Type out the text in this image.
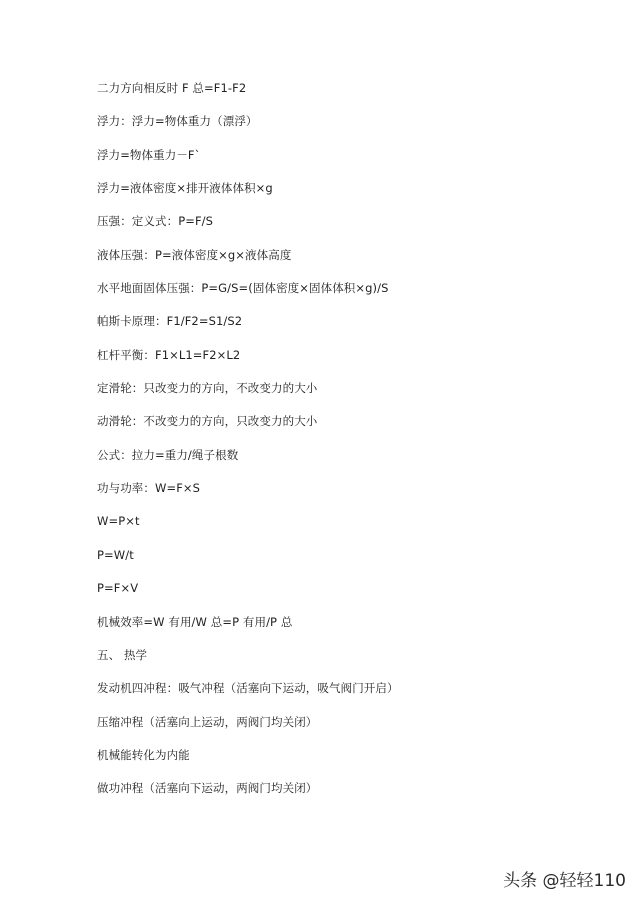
二力方向相反时 F 总=F1-F2
浮力：浮力=物体重力（漂浮）
浮力=物体重力－F`
浮力=液体密度×排开液体体积×g
压强：定义式：P=F/S
液体压强：P=液体密度×g×液体高度
水平地面固体压强：P=G/S=(固体密度×固体体积×g)/S
帕斯卡原理：F1/F2=S1/S2
杠杆平衡：F1×L1=F2×L2
定滑轮：只改变力的方向，不改变力的大小
动滑轮：不改变力的方向，只改变力的大小
公式：拉力=重力/绳子根数
功与功率：W=F×S
W=P×t
P=W/t
P=F×V
机械效率=W 有用/W 总=P 有用/P 总
五、 热学
发动机四冲程：吸气冲程（活塞向下运动，吸气阀门开启）
压缩冲程（活塞向上运动，两阀门均关闭）
机械能转化为内能
做功冲程（活塞向下运动，两阀门均关闭）
头条 @轻轻110
